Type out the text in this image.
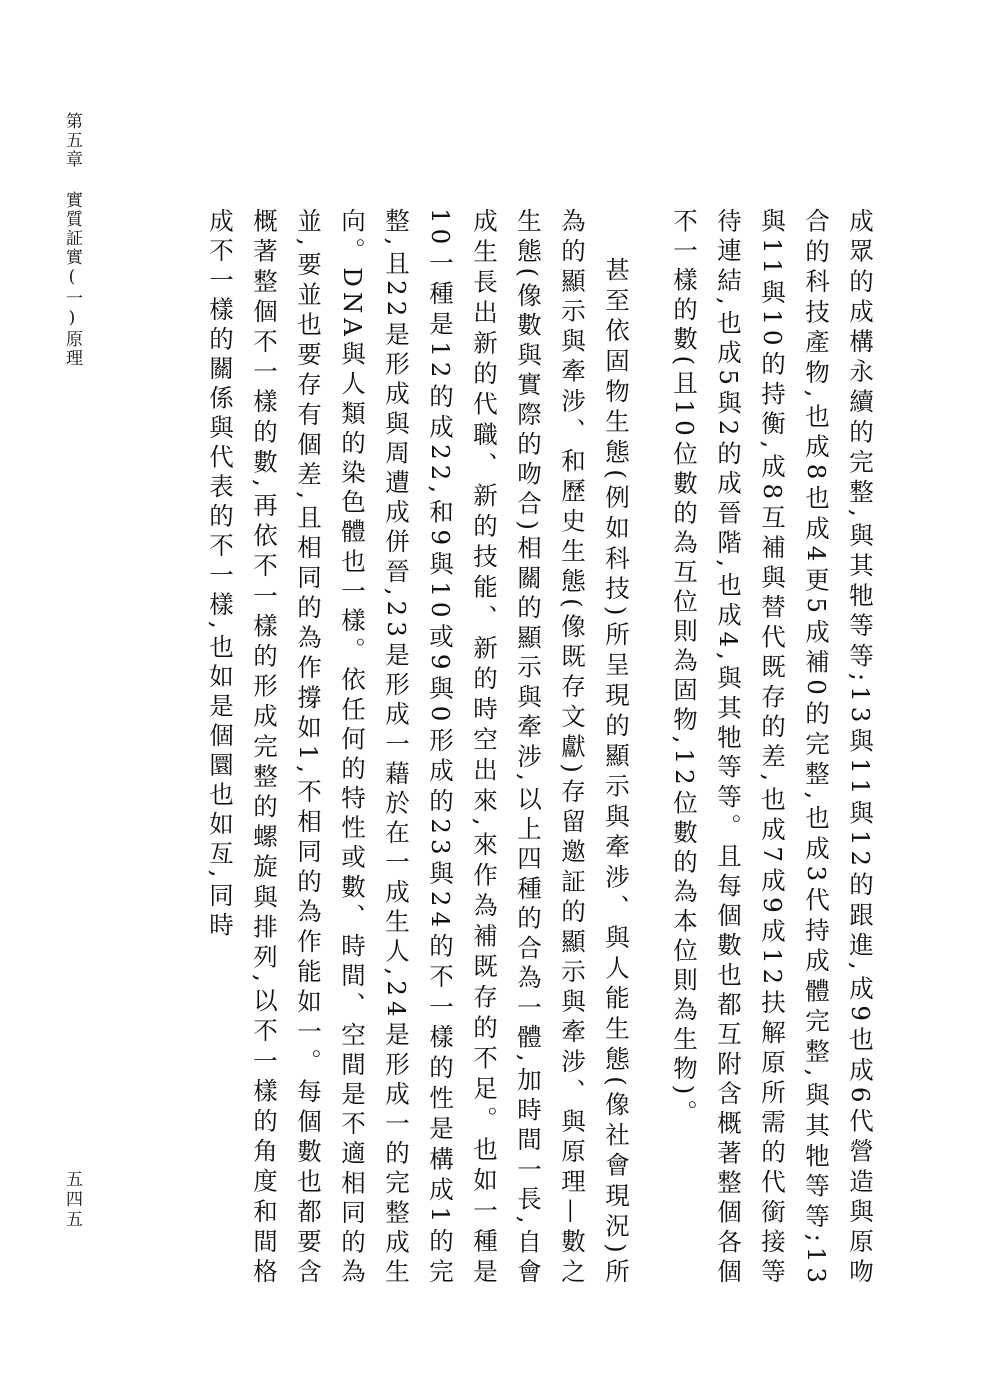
第五章 實質証實(一)原理
五四五	成眾的成構永續的完整,與其牠等等;13與11與12的跟進,成9也成6代營造與原吻合的科技產物,也成8也成4更5成補0的完整,也成3代持成體完整,與其牠等等;13與11與10的持衡,成8互補與替代既存的差,也成7成9成12扶解原所需的代銜接等待連結,也成5與2的成晉階,也成4,與其牠等等。且每個數也都互附含概著整個各個不一樣的數(且10位數的為互位則為固物,12位數的為本位則為生物)。

甚至依固物生態(例如科技)所呈現的顯示與牽涉、與人能生態(像社會現況)所為的顯示與牽涉、和歷史生態(像既存文獻)存留邀証的顯示與牽涉、與原理—數之生態(像數與實際的吻合)相關的顯示與牽涉,以上四種的合為一體,加時間一長,自會成生長出新的代職、新的技能、新的時空出來,來作為補既存的不足。也如一種是10一種是12的成22,和9與10或9與0形成的23與24的不一樣的性是構成1的完整,且22是形成與周遭成併晉,23是形成一藉於在一成生人,24是形成一的完整成生向。DNA與人類的染色體也一樣。依任何的特性或數、時間、空間是不適相同的為並,要並也要存有個差,且相同的為作撐如1,不相同的為作能如一。每個數也都要含概著整個不一樣的數,再依不一樣的形成完整的螺旋與排列,以不一樣的角度和間格成不一樣的關係與代表的不一樣,也如是個圜也如亙,同時
